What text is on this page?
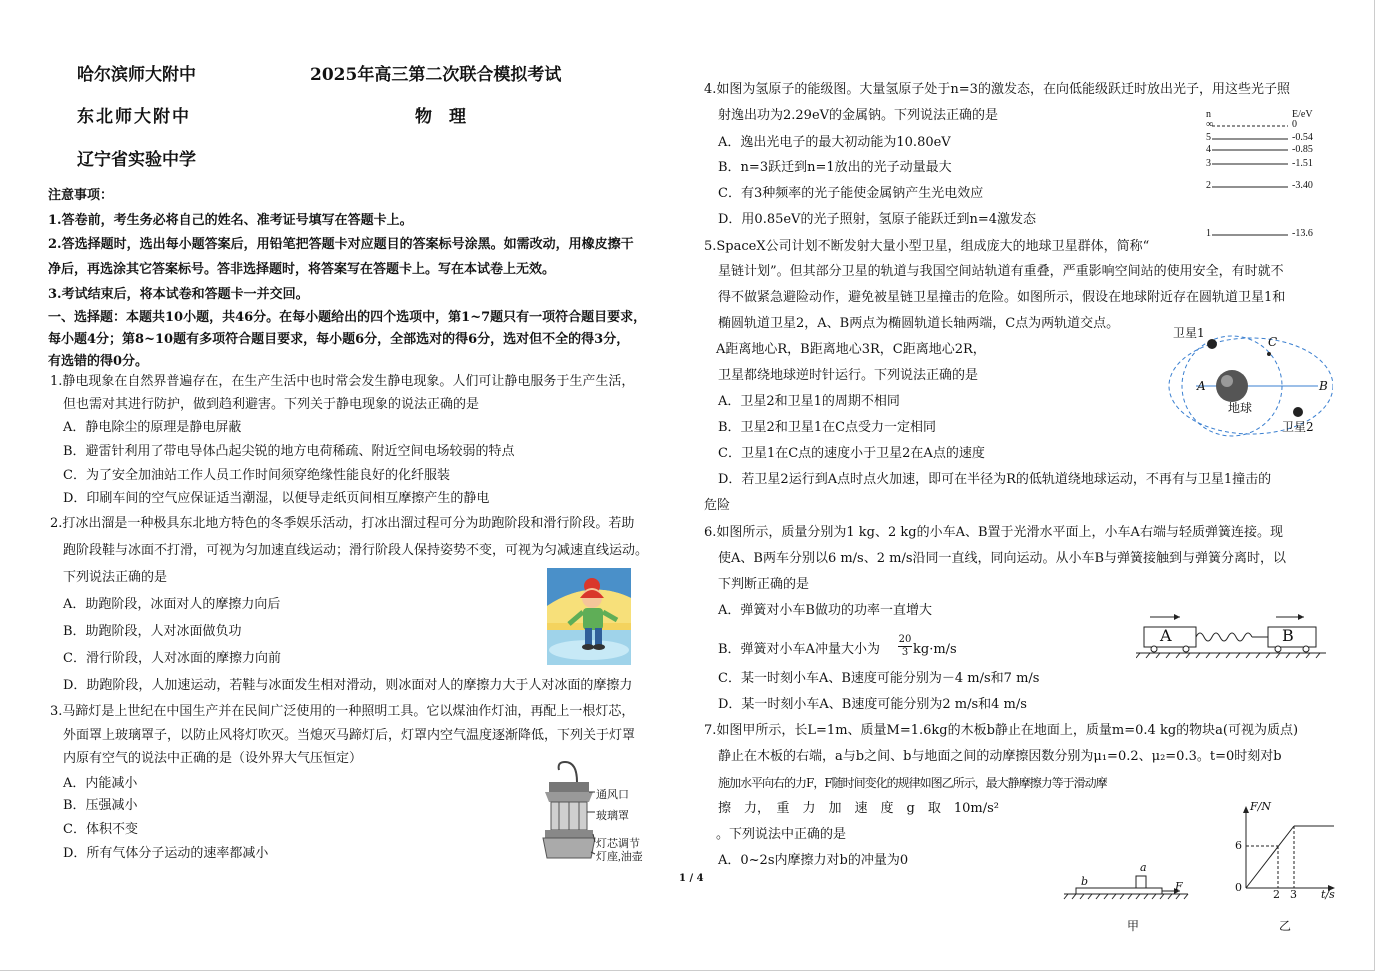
哈尔滨师大附中
东北师大附中
辽宁省实验中学
2025年高三第二次联合模拟考试
物　理
注意事项：
1.答卷前，考生务必将自己的姓名、准考证号填写在答题卡上。
2.答选择题时，选出每小题答案后，用铅笔把答题卡对应题目的答案标号涂黑。如需改动，用橡皮擦干
净后，再选涂其它答案标号。答非选择题时，将答案写在答题卡上。写在本试卷上无效。
3.考试结束后，将本试卷和答题卡一并交回。
一、选择题：本题共10小题，共46分。在每小题给出的四个选项中，第1~7题只有一项符合题目要求，
每小题4分；第8~10题有多项符合题目要求，每小题6分，全部选对的得6分，选对但不全的得3分，
有选错的得0分。
1.静电现象在自然界普遍存在，在生产生活中也时常会发生静电现象。人们可让静电服务于生产生活，
但也需对其进行防护，做到趋利避害。下列关于静电现象的说法正确的是
A．静电除尘的原理是静电屏蔽
B．避雷针利用了带电导体凸起尖锐的地方电荷稀疏、附近空间电场较弱的特点
C．为了安全加油站工作人员工作时间须穿绝缘性能良好的化纤服装
D．印刷车间的空气应保证适当潮湿，以便导走纸页间相互摩擦产生的静电
2.打冰出溜是一种极具东北地方特色的冬季娱乐活动，打冰出溜过程可分为助跑阶段和滑行阶段。若助
跑阶段鞋与冰面不打滑，可视为匀加速直线运动；滑行阶段人保持姿势不变，可视为匀减速直线运动。
下列说法正确的是
A．助跑阶段，冰面对人的摩擦力向后
B．助跑阶段，人对冰面做负功
C．滑行阶段，人对冰面的摩擦力向前
D．助跑阶段，人加速运动，若鞋与冰面发生相对滑动，则冰面对人的摩擦力大于人对冰面的摩擦力
3.马蹄灯是上世纪在中国生产并在民间广泛使用的一种照明工具。它以煤油作灯油，再配上一根灯芯，
外面罩上玻璃罩子，以防止风将灯吹灭。当熄灭马蹄灯后，灯罩内空气温度逐渐降低，下列关于灯罩
内原有空气的说法中正确的是（设外界大气压恒定）
A．内能减小
B．压强减小
C．体积不变
D．所有气体分子运动的速率都减小
通风口
玻璃罩
灯芯调节
灯座,油壶
4.如图为氢原子的能级图。大量氢原子处于n=3的激发态，在向低能级跃迁时放出光子，用这些光子照
射逸出功为2.29eV的金属钠。下列说法正确的是
A．逸出光电子的最大初动能为10.80eV
B．n=3跃迁到n=1放出的光子动量最大
C．有3种频率的光子能使金属钠产生光电效应
D．用0.85eV的光子照射，氢原子能跃迁到n=4激发态
n	E/eV
∞	0
5	-0.54
4	-0.85
3	-1.51
2	-3.40
1	-13.6
5.SpaceX公司计划不断发射大量小型卫星，组成庞大的地球卫星群体，简称“
星链计划”。但其部分卫星的轨道与我国空间站轨道有重叠，严重影响空间站的使用安全，有时就不
得不做紧急避险动作，避免被星链卫星撞击的危险。如图所示，假设在地球附近存在圆轨道卫星1和
椭圆轨道卫星2，A、B两点为椭圆轨道长轴两端，C点为两轨道交点。
A距离地心R，B距离地心3R，C距离地心2R，
卫星都绕地球逆时针运行。下列说法正确的是
A．卫星2和卫星1的周期不相同
B．卫星2和卫星1在C点受力一定相同
C．卫星1在C点的速度小于卫星2在A点的速度
D．若卫星2运行到A点时点火加速，即可在半径为R的低轨道绕地球运动，不再有与卫星1撞击的
危险
卫星1
卫星2
地球
A	B
C
6.如图所示，质量分别为1 kg、2 kg的小车A、B置于光滑水平面上，小车A右端与轻质弹簧连接。现
使A、B两车分别以6 m/s、2 m/s沿同一直线，同向运动。从小车B与弹簧接触到与弹簧分离时，以
下判断正确的是
A．弹簧对小车B做功的功率一直增大
B．弹簧对小车A冲量大小为
20
3 kg·m/s
C．某一时刻小车A、B速度可能分别为－4 m/s和7 m/s
D．某一时刻小车A、B速度可能分别为2 m/s和4 m/s
A	B
7.如图甲所示，长L=1m、质量M=1.6kg的木板b静止在地面上，质量m=0.4 kg的物块a(可视为质点)
静止在木板的右端，a与b之间、b与地面之间的动摩擦因数分别为μ₁=0.2、μ₂=0.3。t=0时刻对b
施加水平向右的力F，F随时间变化的规律如图乙所示，最大静摩擦力等于滑动摩
擦　力，　重　力　加　速　度　g　取　10m/s²
。下列说法中正确的是
A．0~2s内摩擦力对b的冲量为0	a
b	F
甲
F/N
t/s
6
0
2 3
乙
1 / 4
